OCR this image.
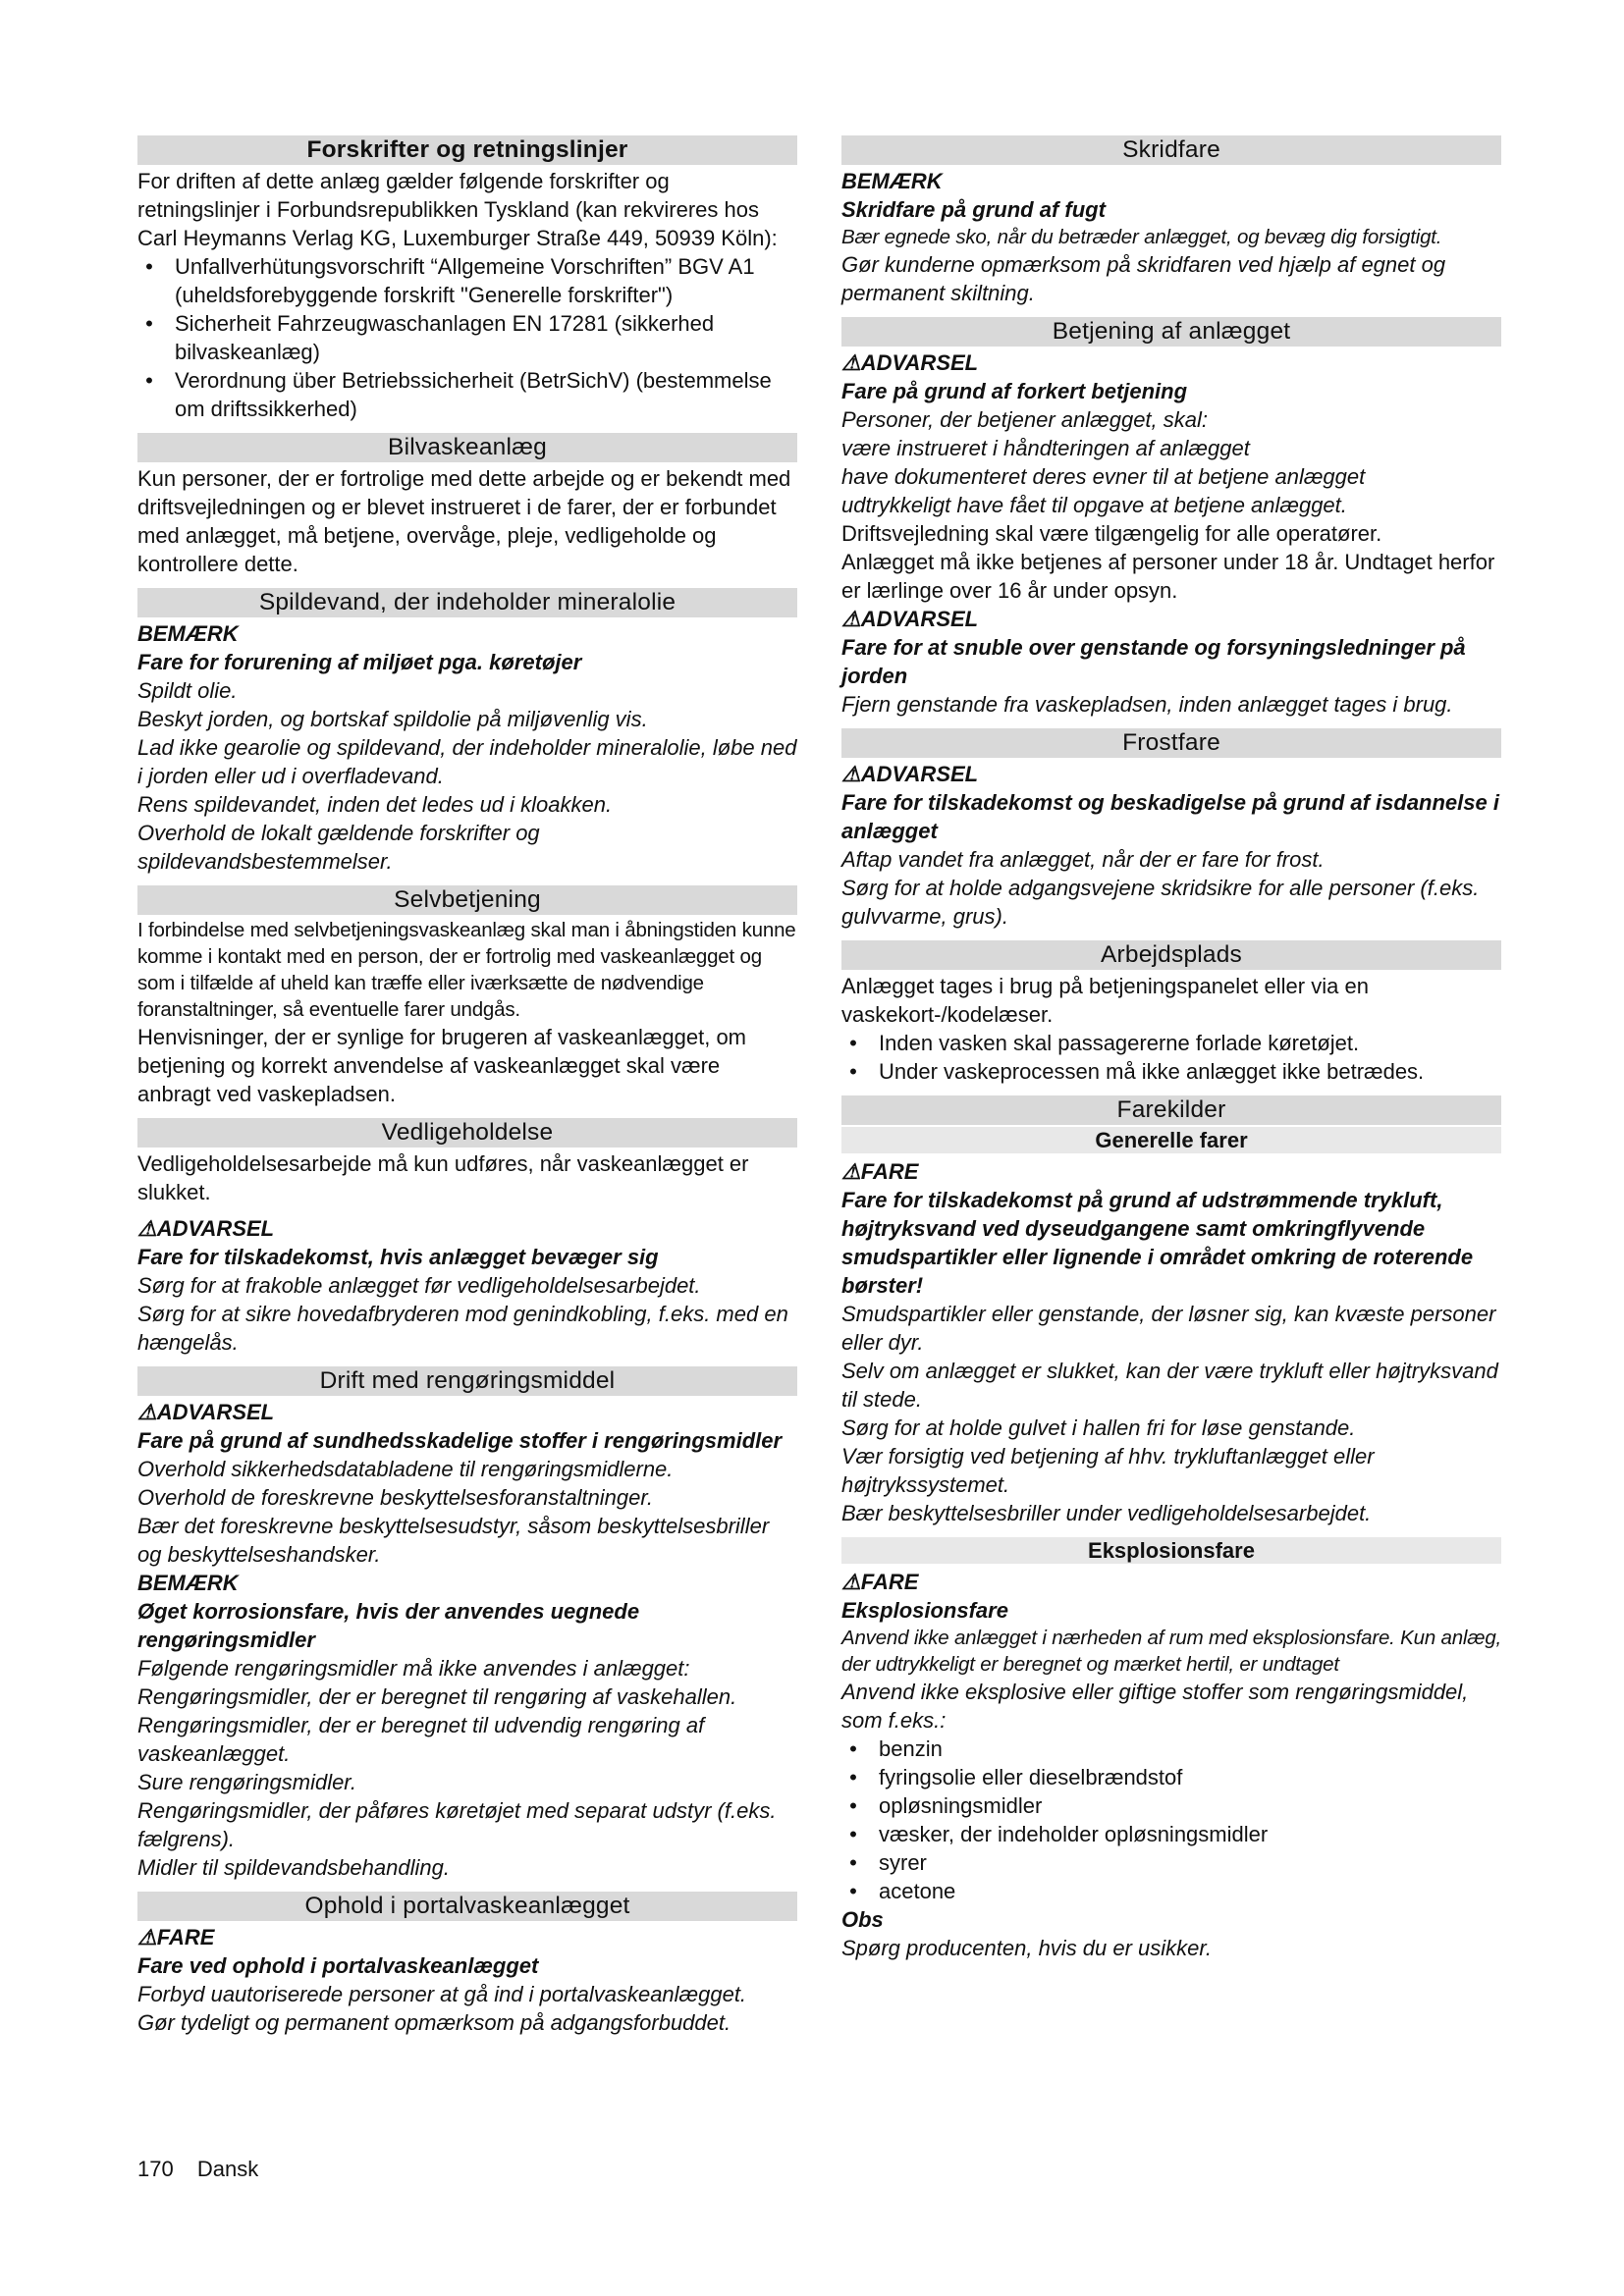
Forskrifter og retningslinjer

For driften af dette anlæg gælder følgende forskrifter og retningslinjer i Forbundsrepublikken Tyskland (kan rekvireres hos Carl Heymanns Verlag KG, Luxemburger Straße 449, 50939 Köln):

• Unfallverhütungsvorschrift “Allgemeine Vorschriften” BGV A1 (uheldsforebyggende forskrift "Generelle forskrifter")
• Sicherheit Fahrzeugwaschanlagen EN 17281 (sikkerhed bilvaskeanlæg)
• Verordnung über Betriebssicherheit (BetrSichV) (bestemmelse om driftssikkerhed)
Bilvaskeanlæg

Kun personer, der er fortrolige med dette arbejde og er bekendt med driftsvejledningen og er blevet instrueret i de farer, der er forbundet med anlægget, må betjene, overvåge, pleje, vedligeholde og kontrollere dette.

Spildevand, der indeholder mineralolie

BEMÆRK

Fare for forurening af miljøet pga. køretøjer

Spildt olie.

Beskyt jorden, og bortskaf spildolie på miljøvenlig vis.

Lad ikke gearolie og spildevand, der indeholder mineralolie, løbe ned i jorden eller ud i overfladevand.

Rens spildevandet, inden det ledes ud i kloakken.

Overhold de lokalt gældende forskrifter og spildevandsbestemmelser.

Selvbetjening

I forbindelse med selvbetjeningsvaskeanlæg skal man i åbningstiden kunne komme i kontakt med en person, der er fortrolig med vaskeanlægget og som i tilfælde af uheld kan træffe eller iværksætte de nødvendige foranstaltninger, så eventuelle farer undgås.

Henvisninger, der er synlige for brugeren af vaskeanlægget, om betjening og korrekt anvendelse af vaskeanlægget skal være anbragt ved vaskepladsen.

Vedligeholdelse

Vedligeholdelsesarbejde må kun udføres, når vaskeanlægget er slukket.

⚠ADVARSEL

Fare for tilskadekomst, hvis anlægget bevæger sig

Sørg for at frakoble anlægget før vedligeholdelsesarbejdet.

Sørg for at sikre hovedafbryderen mod genindkobling, f.eks. med en hængelås.

Drift med rengøringsmiddel

⚠ADVARSEL

Fare på grund af sundhedsskadelige stoffer i rengøringsmidler

Overhold sikkerhedsdatabladene til rengøringsmidlerne.

Overhold de foreskrevne beskyttelsesforanstaltninger.

Bær det foreskrevne beskyttelsesudstyr, såsom beskyttelsesbriller og beskyttelseshandsker.

BEMÆRK

Øget korrosionsfare, hvis der anvendes uegnede rengøringsmidler

Følgende rengøringsmidler må ikke anvendes i anlægget:

Rengøringsmidler, der er beregnet til rengøring af vaskehallen.

Rengøringsmidler, der er beregnet til udvendig rengøring af vaskeanlægget.

Sure rengøringsmidler.

Rengøringsmidler, der påføres køretøjet med separat udstyr (f.eks. fælgrens).

Midler til spildevandsbehandling.

Ophold i portalvaskeanlægget

⚠FARE

Fare ved ophold i portalvaskeanlægget

Forbyd uautoriserede personer at gå ind i portalvaskeanlægget.

Gør tydeligt og permanent opmærksom på adgangsforbuddet.

Skridfare

BEMÆRK

Skridfare på grund af fugt

Bær egnede sko, når du betræder anlægget, og bevæg dig forsigtigt.

Gør kunderne opmærksom på skridfaren ved hjælp af egnet og permanent skiltning.

Betjening af anlægget

⚠ADVARSEL

Fare på grund af forkert betjening

Personer, der betjener anlægget, skal:

være instrueret i håndteringen af anlægget

have dokumenteret deres evner til at betjene anlægget

udtrykkeligt have fået til opgave at betjene anlægget.

Driftsvejledning skal være tilgængelig for alle operatører.

Anlægget må ikke betjenes af personer under 18 år. Undtaget herfor er lærlinge over 16 år under opsyn.

⚠ADVARSEL

Fare for at snuble over genstande og forsyningsledninger på jorden

Fjern genstande fra vaskepladsen, inden anlægget tages i brug.

Frostfare

⚠ADVARSEL

Fare for tilskadekomst og beskadigelse på grund af isdannelse i anlægget

Aftap vandet fra anlægget, når der er fare for frost.

Sørg for at holde adgangsvejene skridsikre for alle personer (f.eks. gulvvarme, grus).

Arbejdsplads

Anlægget tages i brug på betjeningspanelet eller via en vaskekort-/kodelæser.

• Inden vasken skal passagererne forlade køretøjet.
• Under vaskeprocessen må ikke anlægget ikke betrædes.
Farekilder
Generelle farer

⚠FARE

Fare for tilskadekomst på grund af udstrømmende trykluft, højtryksvand ved dyseudgangene samt omkringflyvende smudspartikler eller lignende i området omkring de roterende børster!

Smudspartikler eller genstande, der løsner sig, kan kvæste personer eller dyr.

Selv om anlægget er slukket, kan der være trykluft eller højtryksvand til stede.

Sørg for at holde gulvet i hallen fri for løse genstande.

Vær forsigtig ved betjening af hhv. trykluftanlægget eller højtrykssystemet.

Bær beskyttelsesbriller under vedligeholdelsesarbejdet.

Eksplosionsfare

⚠FARE

Eksplosionsfare

Anvend ikke anlægget i nærheden af rum med eksplosionsfare. Kun anlæg, der udtrykkeligt er beregnet og mærket hertil, er undtaget

Anvend ikke eksplosive eller giftige stoffer som rengøringsmiddel, som f.eks.:

• benzin
• fyringsolie eller dieselbrændstof
• opløsningsmidler
• væsker, der indeholder opløsningsmidler
• syrer
• acetone

Obs

Spørg producenten, hvis du er usikker.

170 Dansk
